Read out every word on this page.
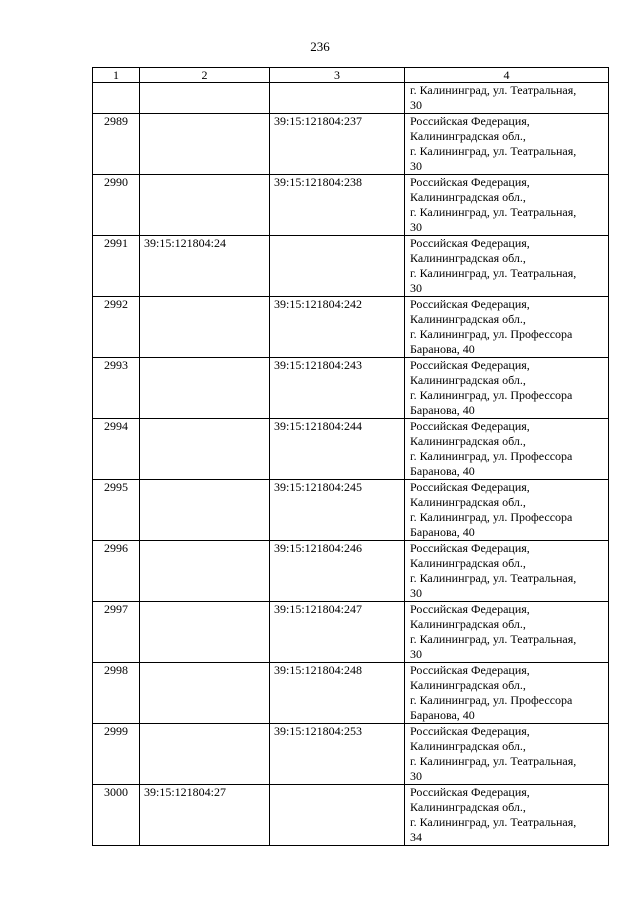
236
1	2	3	4

			г. Калининград, ул. Театральная,
30

2989		39:15:121804:237	Российская Федерация,
Калининградская обл.,
г. Калининград, ул. Театральная,
30

2990		39:15:121804:238	Российская Федерация,
Калининградская обл.,
г. Калининград, ул. Театральная,
30

2991	39:15:121804:24		Российская Федерация,
Калининградская обл.,
г. Калининград, ул. Театральная,
30

2992		39:15:121804:242	Российская Федерация,
Калининградская обл.,
г. Калининград, ул. Профессора
Баранова, 40

2993		39:15:121804:243	Российская Федерация,
Калининградская обл.,
г. Калининград, ул. Профессора
Баранова, 40

2994		39:15:121804:244	Российская Федерация,
Калининградская обл.,
г. Калининград, ул. Профессора
Баранова, 40

2995		39:15:121804:245	Российская Федерация,
Калининградская обл.,
г. Калининград, ул. Профессора
Баранова, 40

2996		39:15:121804:246	Российская Федерация,
Калининградская обл.,
г. Калининград, ул. Театральная,
30

2997		39:15:121804:247	Российская Федерация,
Калининградская обл.,
г. Калининград, ул. Театральная,
30

2998		39:15:121804:248	Российская Федерация,
Калининградская обл.,
г. Калининград, ул. Профессора
Баранова, 40

2999		39:15:121804:253	Российская Федерация,
Калининградская обл.,
г. Калининград, ул. Театральная,
30

3000	39:15:121804:27		Российская Федерация,
Калининградская обл.,
г. Калининград, ул. Театральная,
34
